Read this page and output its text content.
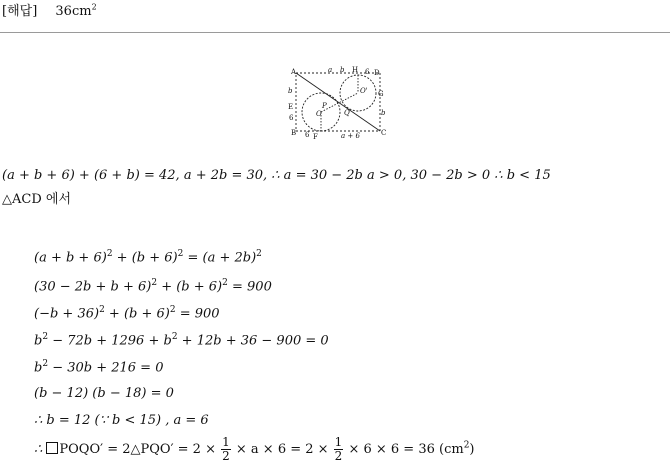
[해답] $36cm^2$
A
B	C
D
E
F
G
H
O
O'
P
Q
a b	6
b
6
b
6	a + 6
(a + b + 6) + (6 + b) = 42, a + 2b = 30, ∴ a = 30 − 2b a > 0, 30 − 2b > 0 ∴ b < 15
△ACD 에서
$(a + b + 6)^2 + (b + 6)^2 = (a + 2b)^2$
$(30 - 2b + b + 6)^2 + (b + 6)^2 = 900$
$(-b + 36)^2 + (b + 6)^2 = 900$
$b^2 - 72b + 1296 + b^2 + 12b + 36 - 900 = 0$
$b^2 - 30b + 216 = 0$
(b − 12) (b − 18) = 0
∴ b = 12 (∵ b < 15) , a = 6
∴ POQO′ = 2△PQO′ = $2 \times \frac{1}{2} \times a \times 6 = 2 \times \frac{1}{2} \times 6 \times 6 = 36$ $(cm^2)$
